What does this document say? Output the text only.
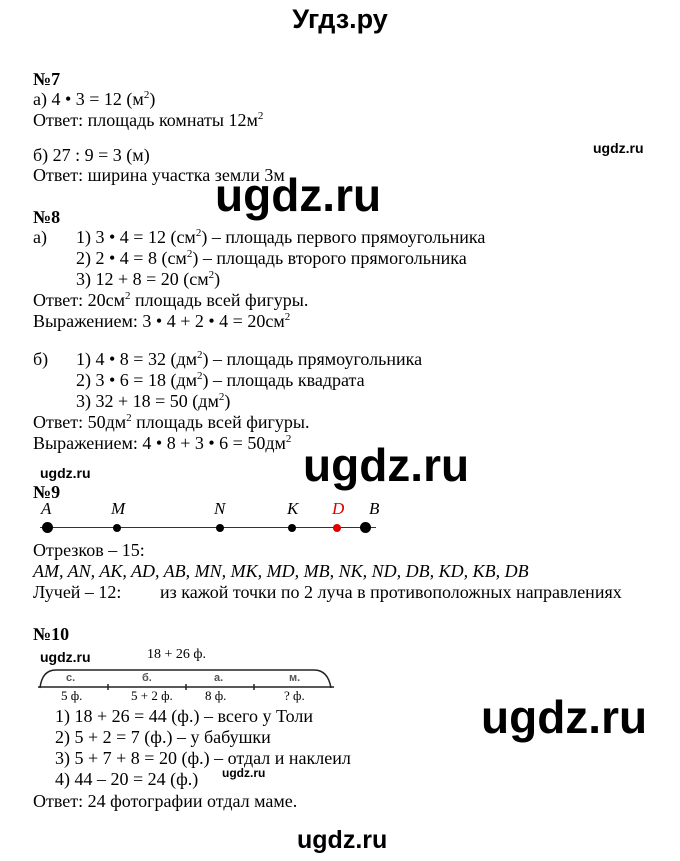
Угдз.ру
№7
а) 4 • 3 = 12 $(м^2)$
Ответ: площадь комнаты $12м^2$
б) 27 : 9 = 3 (м)
Ответ: ширина участка земли 3м
ugdz.ru
ugdz.ru
№8
а) 1) 3 • 4 = 12 $(см^2)$ – площадь первого прямоугольника
2) 2 • 4 = 8 $(см^2)$ – площадь второго прямогольника
3) 12 + 8 = 20 $(см^2)$
Ответ: $20см^2$ площадь всей фигуры.
Выражением: 3 • 4 + 2 • $4 = 20см^2$
б) 1) 4 • 8 = 32 $(дм^2)$ – площадь прямоугольника
2) 3 • 6 = 18 $(дм^2)$ – площадь квадрата
3) 32 + 18 = 50 $(дм^2)$
Ответ: $50дм^2$ площадь всей фигуры.
Выражением: 4 • 8 + 3 • $6 = 50дм^2$ ugdz.ru
ugdz.ru
№9
A	M	N	K D B
Отрезков – 15:
AM, AN, AK, AD, AB, MN, MK, MD, MB, NK, ND, DB, KD, KB, DB
Лучей – 12: из кажой точки по 2 луча в противоположных направлениях
№10
ugdz.ru	18 + 26 ф.
с.	б.	а.	м.
5 ф.	5 + 2 ф. 8 ф.	? ф.
1) 18 + 26 = 44 (ф.) – всего у Толи
2) 5 + 2 = 7 (ф.) – у бабушки
3) 5 + 7 + 8 = 20 (ф.) – отдал и наклеил
ugdz.ru
4) 44 – 20 = 24 (ф.)
Ответ: 24 фотографии отдал маме.
ugdz.ru
ugdz.ru
